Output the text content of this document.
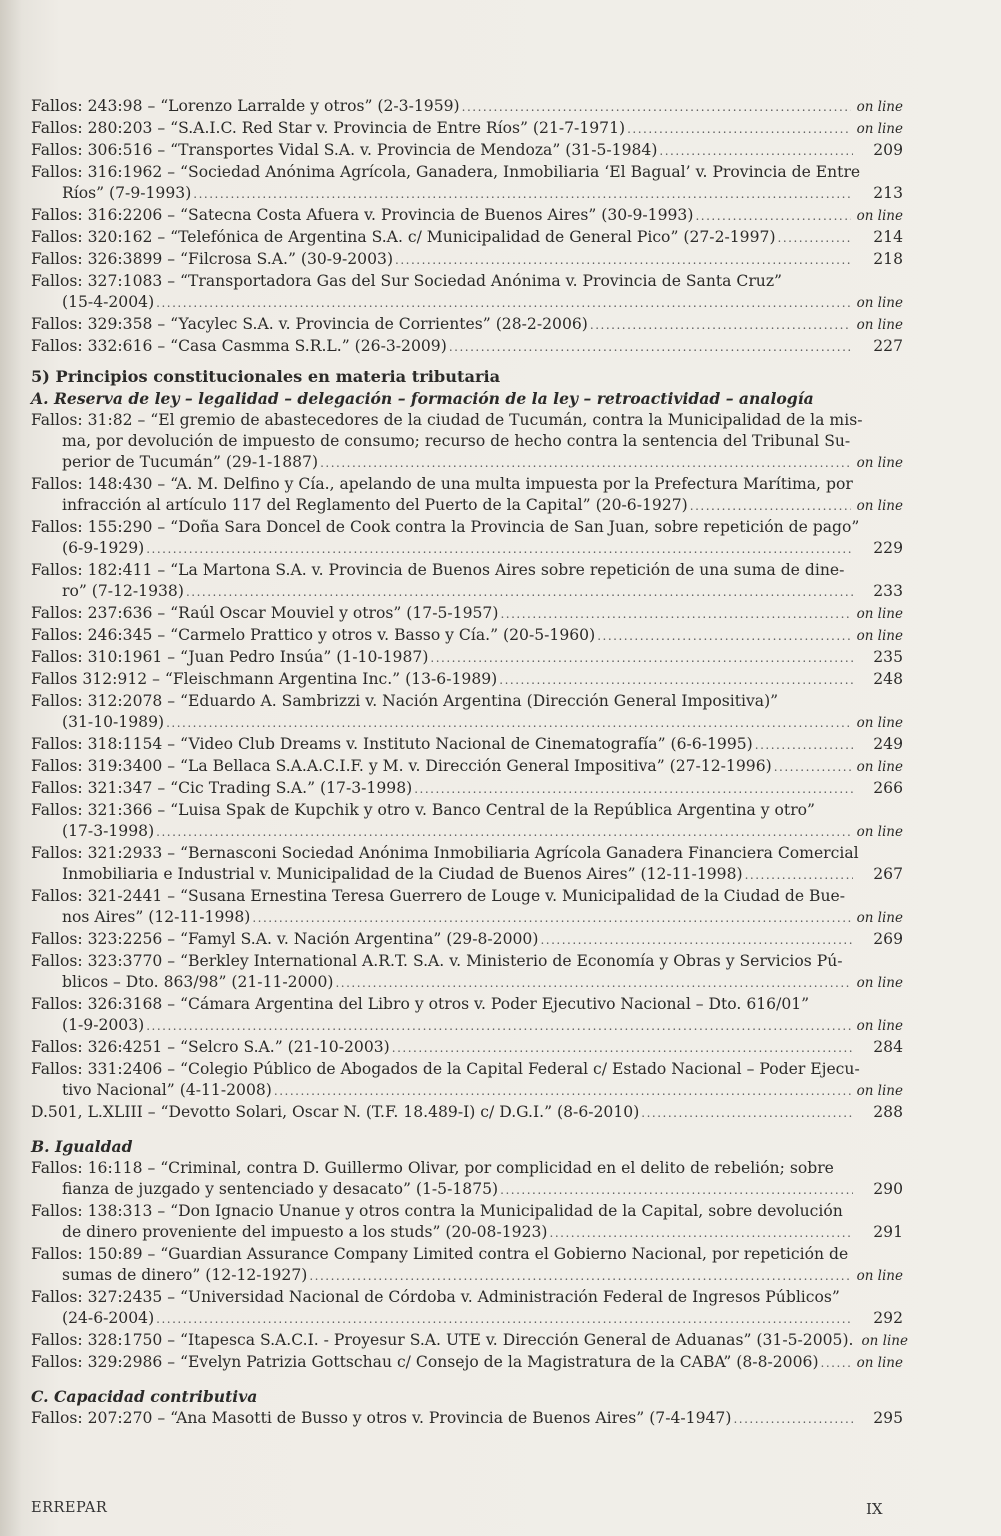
Fallos: 243:98 – “Lorenzo Larralde y otros” (2-3-1959) .....	on line
Fallos: 280:203 – “S.A.I.C. Red Star v. Provincia de Entre Ríos” (21-7-1971) .....	on line
Fallos: 306:516 – “Transportes Vidal S.A. v. Provincia de Mendoza” (31-5-1984) .....	209
Fallos: 316:1962 – “Sociedad Anónima Agrícola, Ganadera, Inmobiliaria ‘El Bagual’ v. Provincia de Entre
Ríos” (7-9-1993) .....	213
Fallos: 316:2206 – “Satecna Costa Afuera v. Provincia de Buenos Aires” (30-9-1993) .....	on line
Fallos: 320:162 – “Telefónica de Argentina S.A. c/ Municipalidad de General Pico” (27-2-1997) .....	214
Fallos: 326:3899 – “Filcrosa S.A.” (30-9-2003) .....	218
Fallos: 327:1083 – “Transportadora Gas del Sur Sociedad Anónima v. Provincia de Santa Cruz”
(15-4-2004) .....	on line
Fallos: 329:358 – “Yacylec S.A. v. Provincia de Corrientes” (28-2-2006) .....	on line
Fallos: 332:616 – “Casa Casmma S.R.L.” (26-3-2009) .....	227
5) Principios constitucionales en materia tributaria
A. Reserva de ley – legalidad – delegación – formación de la ley – retroactividad – analogía
Fallos: 31:82 – “El gremio de abastecedores de la ciudad de Tucumán, contra la Municipalidad de la mis-
ma, por devolución de impuesto de consumo; recurso de hecho contra la sentencia del Tribunal Su-
perior de Tucumán” (29-1-1887) .....	on line
Fallos: 148:430 – “A. M. Delfino y Cía., apelando de una multa impuesta por la Prefectura Marítima, por
infracción al artículo 117 del Reglamento del Puerto de la Capital” (20-6-1927) .....	on line
Fallos: 155:290 – “Doña Sara Doncel de Cook contra la Provincia de San Juan, sobre repetición de pago”
(6-9-1929) .....	229
Fallos: 182:411 – “La Martona S.A. v. Provincia de Buenos Aires sobre repetición de una suma de dine-
ro” (7-12-1938) .....	233
Fallos: 237:636 – “Raúl Oscar Mouviel y otros” (17-5-1957) .....	on line
Fallos: 246:345 – “Carmelo Prattico y otros v. Basso y Cía.” (20-5-1960) .....	on line
Fallos: 310:1961 – “Juan Pedro Insúa” (1-10-1987) .....	235
Fallos 312:912 – “Fleischmann Argentina Inc.” (13-6-1989) .....	248
Fallos: 312:2078 – “Eduardo A. Sambrizzi v. Nación Argentina (Dirección General Impositiva)”
(31-10-1989) .....	on line
Fallos: 318:1154 – “Video Club Dreams v. Instituto Nacional de Cinematografía” (6-6-1995) .....	249
Fallos: 319:3400 – “La Bellaca S.A.A.C.I.F. y M. v. Dirección General Impositiva” (27-12-1996) .....	on line
Fallos: 321:347 – “Cic Trading S.A.” (17-3-1998) .....	266
Fallos: 321:366 – “Luisa Spak de Kupchik y otro v. Banco Central de la República Argentina y otro”
(17-3-1998) .....	on line
Fallos: 321:2933 – “Bernasconi Sociedad Anónima Inmobiliaria Agrícola Ganadera Financiera Comercial
Inmobiliaria e Industrial v. Municipalidad de la Ciudad de Buenos Aires” (12-11-1998) .....	267
Fallos: 321-2441 – “Susana Ernestina Teresa Guerrero de Louge v. Municipalidad de la Ciudad de Bue-
nos Aires” (12-11-1998) .....	on line
Fallos: 323:2256 – “Famyl S.A. v. Nación Argentina” (29-8-2000) .....	269
Fallos: 323:3770 – “Berkley International A.R.T. S.A. v. Ministerio de Economía y Obras y Servicios Pú-
blicos – Dto. 863/98” (21-11-2000) .....	on line
Fallos: 326:3168 – “Cámara Argentina del Libro y otros v. Poder Ejecutivo Nacional – Dto. 616/01”
(1-9-2003) .....	on line
Fallos: 326:4251 – “Selcro S.A.” (21-10-2003) .....	284
Fallos: 331:2406 – “Colegio Público de Abogados de la Capital Federal c/ Estado Nacional – Poder Ejecu-
tivo Nacional” (4-11-2008) .....	on line
D.501, L.XLIII – “Devotto Solari, Oscar N. (T.F. 18.489-I) c/ D.G.I.” (8-6-2010) .....	288
B. Igualdad
Fallos: 16:118 – “Criminal, contra D. Guillermo Olivar, por complicidad en el delito de rebelión; sobre
fianza de juzgado y sentenciado y desacato” (1-5-1875) .....	290
Fallos: 138:313 – “Don Ignacio Unanue y otros contra la Municipalidad de la Capital, sobre devolución
de dinero proveniente del impuesto a los studs” (20-08-1923) .....	291
Fallos: 150:89 – “Guardian Assurance Company Limited contra el Gobierno Nacional, por repetición de
sumas de dinero” (12-12-1927) .....	on line
Fallos: 327:2435 – “Universidad Nacional de Córdoba v. Administración Federal de Ingresos Públicos”
(24-6-2004) .....	292
Fallos: 328:1750 – “Itapesca S.A.C.I. - Proyesur S.A. UTE v. Dirección General de Aduanas” (31-5-2005). on line
Fallos: 329:2986 – “Evelyn Patrizia Gottschau c/ Consejo de la Magistratura de la CABA” (8-8-2006) .....	on line
C. Capacidad contributiva
Fallos: 207:270 – “Ana Masotti de Busso y otros v. Provincia de Buenos Aires” (7-4-1947) .....	295
ERREPAR	IX
